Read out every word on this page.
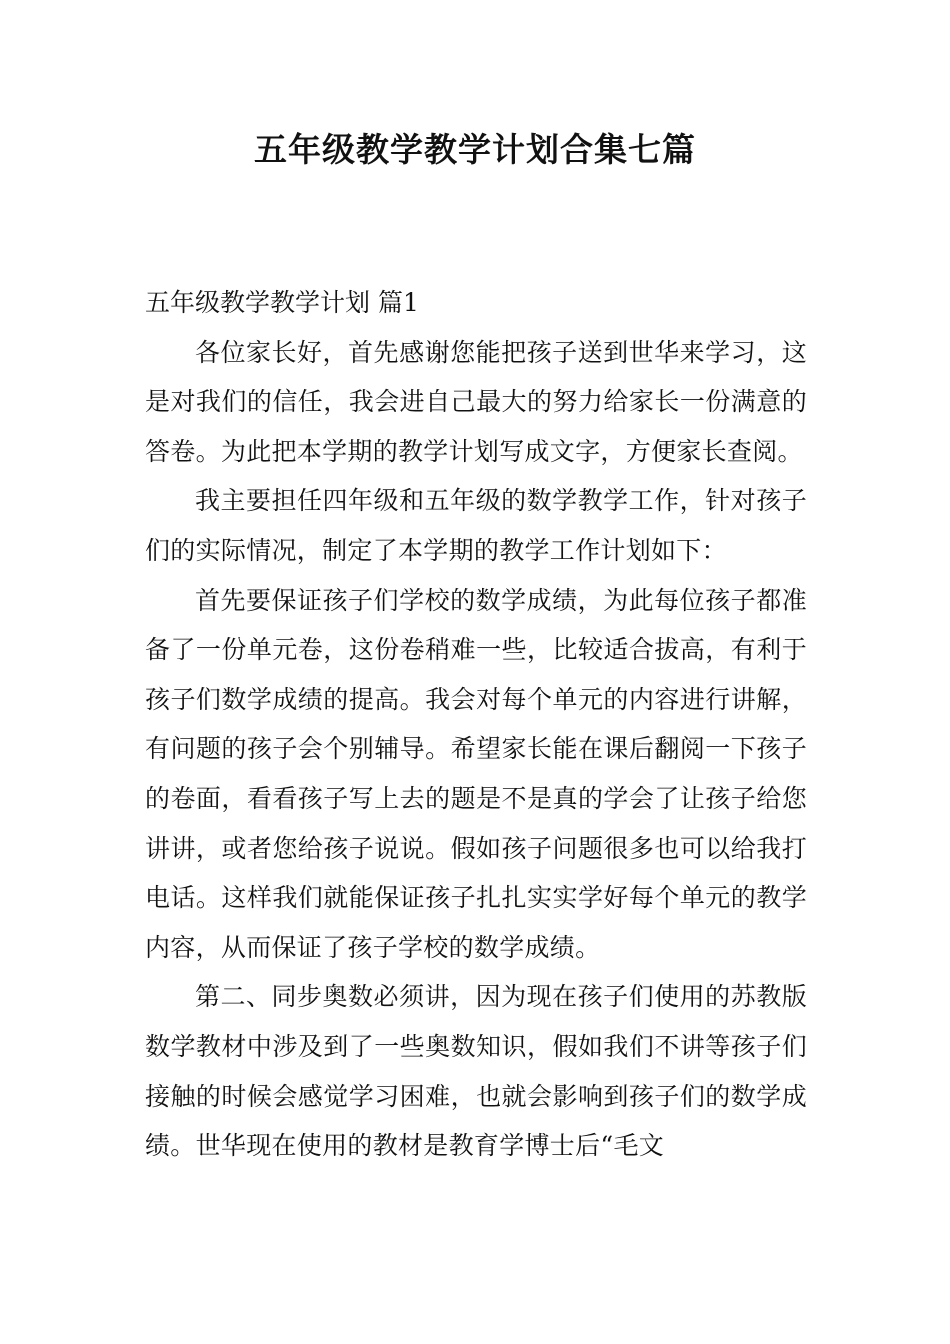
五年级教学教学计划合集七篇
五年级教学教学计划 篇1

各位家长好，首先感谢您能把孩子送到世华来学习，这是对我们的信任，我会进自己最大的努力给家长一份满意的答卷。为此把本学期的教学计划写成文字，方便家长查阅。

我主要担任四年级和五年级的数学教学工作，针对孩子们的实际情况，制定了本学期的教学工作计划如下：

首先要保证孩子们学校的数学成绩，为此每位孩子都准备了一份单元卷，这份卷稍难一些，比较适合拔高，有利于孩子们数学成绩的提高。我会对每个单元的内容进行讲解，有问题的孩子会个别辅导。希望家长能在课后翻阅一下孩子的卷面，看看孩子写上去的题是不是真的学会了让孩子给您讲讲，或者您给孩子说说。假如孩子问题很多也可以给我打电话。这样我们就能保证孩子扎扎实实学好每个单元的教学内容，从而保证了孩子学校的数学成绩。

第二、同步奥数必须讲，因为现在孩子们使用的苏教版数学教材中涉及到了一些奥数知识，假如我们不讲等孩子们接触的时候会感觉学习困难，也就会影响到孩子们的数学成绩。世华现在使用的教材是教育学博士后“毛文
